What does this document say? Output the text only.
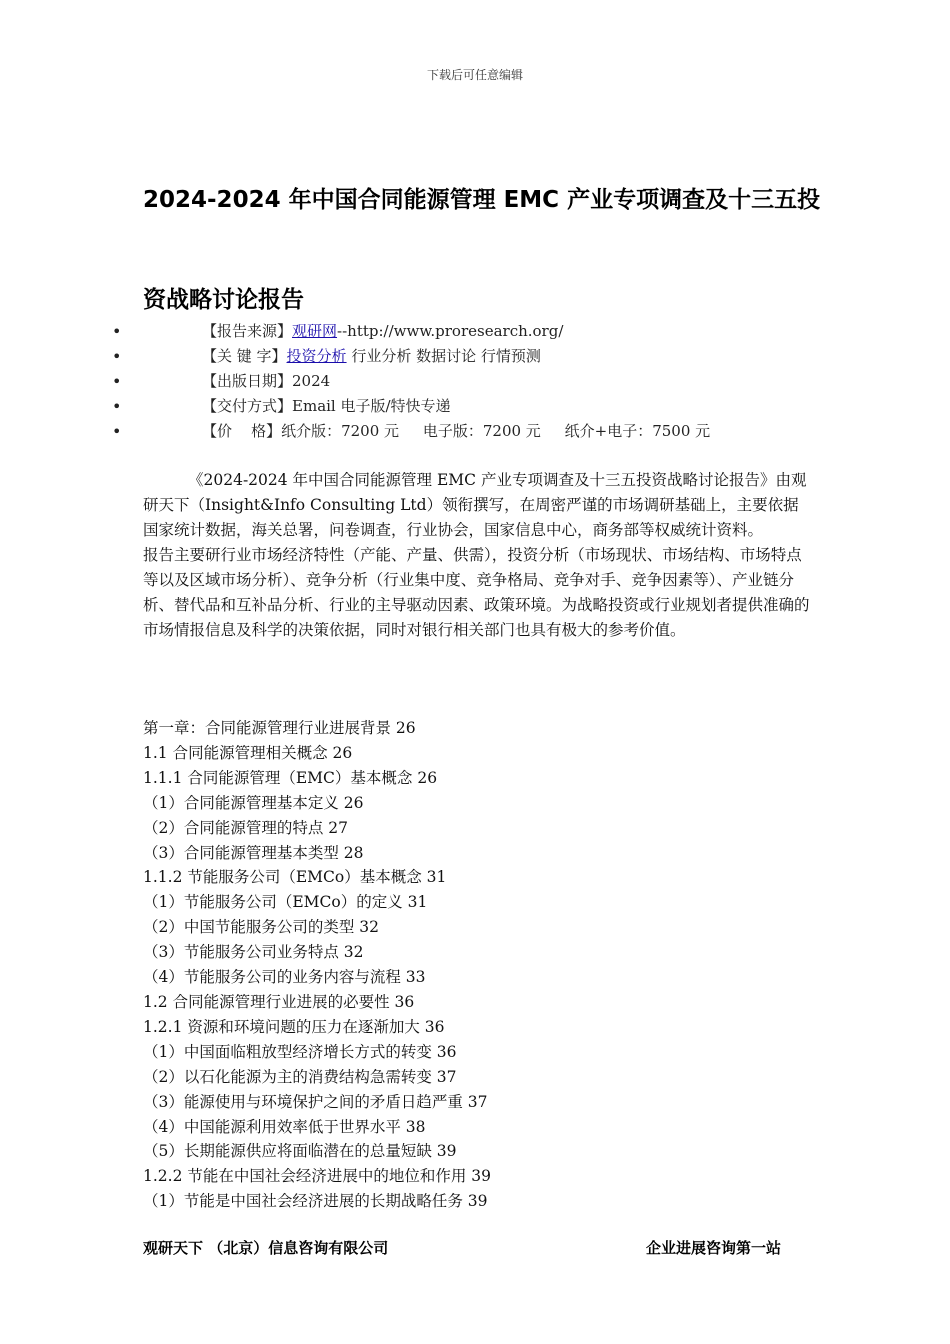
下载后可任意编辑
2024-2024 年中国合同能源管理 EMC 产业专项调查及十三五投资战略讨论报告
•	【报告来源】观研网--http://www.proresearch.org/
•	【关 键 字】投资分析 行业分析 数据讨论 行情预测
•	【出版日期】2024
•	【交付方式】Email 电子版/特快专递
•	【价    格】纸介版：7200 元     电子版：7200 元     纸介+电子：7500 元

《2024-2024 年中国合同能源管理 EMC 产业专项调查及十三五投资战略讨论报告》由观研天下（Insight&Info Consulting Ltd）领衔撰写，在周密严谨的市场调研基础上，主要依据国家统计数据，海关总署，问卷调查，行业协会，国家信息中心，商务部等权威统计资料。

报告主要研行业市场经济特性（产能、产量、供需），投资分析（市场现状、市场结构、市场特点等以及区域市场分析）、竞争分析（行业集中度、竞争格局、竞争对手、竞争因素等）、产业链分析、替代品和互补品分析、行业的主导驱动因素、政策环境。为战略投资或行业规划者提供准确的市场情报信息及科学的决策依据，同时对银行相关部门也具有极大的参考价值。

第一章：合同能源管理行业进展背景 26
1.1 合同能源管理相关概念 26
1.1.1 合同能源管理（EMC）基本概念 26
（1）合同能源管理基本定义 26
（2）合同能源管理的特点 27
（3）合同能源管理基本类型 28
1.1.2 节能服务公司（EMCo）基本概念 31
（1）节能服务公司（EMCo）的定义 31
（2）中国节能服务公司的类型 32
（3）节能服务公司业务特点 32
（4）节能服务公司的业务内容与流程 33
1.2 合同能源管理行业进展的必要性 36
1.2.1 资源和环境问题的压力在逐渐加大 36
（1）中国面临粗放型经济增长方式的转变 36
（2）以石化能源为主的消费结构急需转变 37
（3）能源使用与环境保护之间的矛盾日趋严重 37
（4）中国能源利用效率低于世界水平 38
（5）长期能源供应将面临潜在的总量短缺 39
1.2.2 节能在中国社会经济进展中的地位和作用 39
（1）节能是中国社会经济进展的长期战略任务 39
观研天下 （北京）信息咨询有限公司	企业进展咨询第一站
